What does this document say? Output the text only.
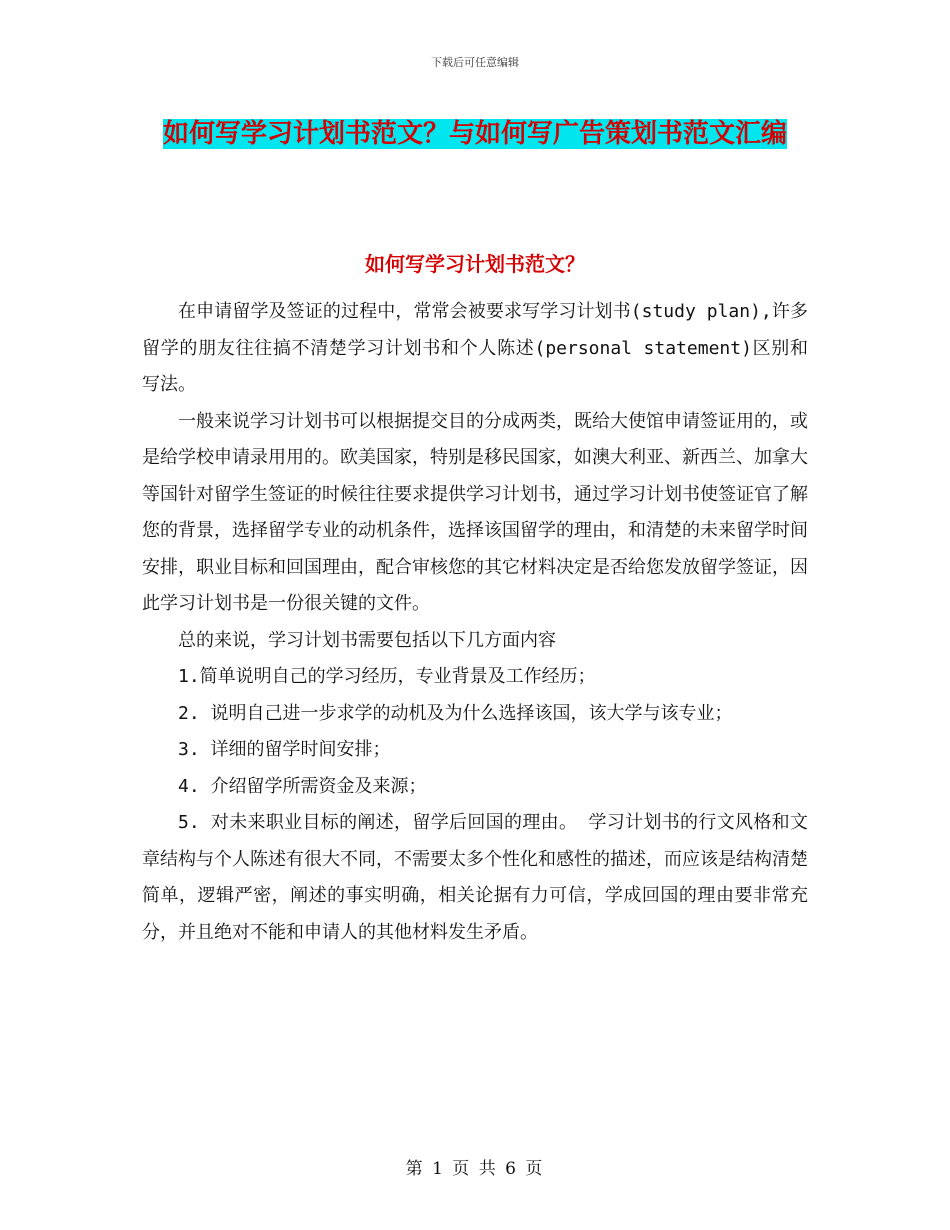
下载后可任意编辑
如何写学习计划书范文？与如何写广告策划书范文汇编
如何写学习计划书范文？

在申请留学及签证的过程中，常常会被要求写学习计划书(study plan),许多留学的朋友往往搞不清楚学习计划书和个人陈述(personal statement)区别和写法。

一般来说学习计划书可以根据提交目的分成两类，既给大使馆申请签证用的，或是给学校申请录用用的。欧美国家，特别是移民国家，如澳大利亚、新西兰、加拿大等国针对留学生签证的时候往往要求提供学习计划书，通过学习计划书使签证官了解您的背景，选择留学专业的动机条件，选择该国留学的理由，和清楚的未来留学时间安排，职业目标和回国理由，配合审核您的其它材料决定是否给您发放留学签证，因此学习计划书是一份很关键的文件。

总的来说，学习计划书需要包括以下几方面内容

1.简单说明自己的学习经历，专业背景及工作经历；

2. 说明自己进一步求学的动机及为什么选择该国，该大学与该专业；

3. 详细的留学时间安排；

4. 介绍留学所需资金及来源；

5. 对未来职业目标的阐述，留学后回国的理由。 学习计划书的行文风格和文章结构与个人陈述有很大不同，不需要太多个性化和感性的描述，而应该是结构清楚简单，逻辑严密，阐述的事实明确，相关论据有力可信，学成回国的理由要非常充分，并且绝对不能和申请人的其他材料发生矛盾。

第 1 页 共 6 页
